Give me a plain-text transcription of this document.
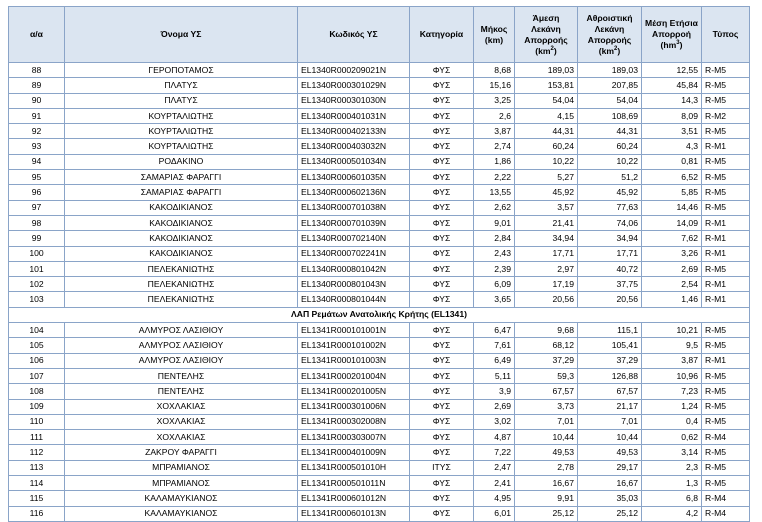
α/α	Όνομα ΥΣ	Κωδικός ΥΣ	Κατηγορία	Μήκος (km)	Άμεση Λεκάνη Απορροής $(km^2)$	Αθροιστική Λεκάνη Απορροής $(km^2)$	Μέση Ετήσια Απορροή $(hm^3)$	Τύπος
88	ΓΕΡΟΠΟΤΑΜΟΣ	EL1340R000209021N	ΦΥΣ	8,68	189,03	189,03	12,55	R-M5
89	ΠΛΑΤΥΣ	EL1340R000301029N	ΦΥΣ	15,16	153,81	207,85	45,84	R-M5
90	ΠΛΑΤΥΣ	EL1340R000301030N	ΦΥΣ	3,25	54,04	54,04	14,3	R-M5
91	ΚΟΥΡΤΑΛΙΩΤΗΣ	EL1340R000401031N	ΦΥΣ	2,6	4,15	108,69	8,09	R-M2
92	ΚΟΥΡΤΑΛΙΩΤΗΣ	EL1340R000402133N	ΦΥΣ	3,87	44,31	44,31	3,51	R-M5
93	ΚΟΥΡΤΑΛΙΩΤΗΣ	EL1340R000403032N	ΦΥΣ	2,74	60,24	60,24	4,3	R-M1
94	ΡΟΔΑΚΙΝΟ	EL1340R000501034N	ΦΥΣ	1,86	10,22	10,22	0,81	R-M5
95	ΣΑΜΑΡΙΑΣ ΦΑΡΑΓΓΙ	EL1340R000601035N	ΦΥΣ	2,22	5,27	51,2	6,52	R-M5
96	ΣΑΜΑΡΙΑΣ ΦΑΡΑΓΓΙ	EL1340R000602136N	ΦΥΣ	13,55	45,92	45,92	5,85	R-M5
97	ΚΑΚΟΔΙΚΙΑΝΟΣ	EL1340R000701038N	ΦΥΣ	2,62	3,57	77,63	14,46	R-M5
98	ΚΑΚΟΔΙΚΙΑΝΟΣ	EL1340R000701039N	ΦΥΣ	9,01	21,41	74,06	14,09	R-M1
99	ΚΑΚΟΔΙΚΙΑΝΟΣ	EL1340R000702140N	ΦΥΣ	2,84	34,94	34,94	7,62	R-M1
100	ΚΑΚΟΔΙΚΙΑΝΟΣ	EL1340R000702241N	ΦΥΣ	2,43	17,71	17,71	3,26	R-M1
101	ΠΕΛΕΚΑΝΙΩΤΗΣ	EL1340R000801042N	ΦΥΣ	2,39	2,97	40,72	2,69	R-M5
102	ΠΕΛΕΚΑΝΙΩΤΗΣ	EL1340R000801043N	ΦΥΣ	6,09	17,19	37,75	2,54	R-M1
103	ΠΕΛΕΚΑΝΙΩΤΗΣ	EL1340R000801044N	ΦΥΣ	3,65	20,56	20,56	1,46	R-M1
ΛΑΠ Ρεμάτων Ανατολικής Κρήτης (EL1341)								
104	ΑΛΜΥΡΟΣ ΛΑΣΙΘΙΟΥ	EL1341R000101001N	ΦΥΣ	6,47	9,68	115,1	10,21	R-M5
105	ΑΛΜΥΡΟΣ ΛΑΣΙΘΙΟΥ	EL1341R000101002N	ΦΥΣ	7,61	68,12	105,41	9,5	R-M5
106	ΑΛΜΥΡΟΣ ΛΑΣΙΘΙΟΥ	EL1341R000101003N	ΦΥΣ	6,49	37,29	37,29	3,87	R-M1
107	ΠΕΝΤΕΛΗΣ	EL1341R000201004N	ΦΥΣ	5,11	59,3	126,88	10,96	R-M5
108	ΠΕΝΤΕΛΗΣ	EL1341R000201005N	ΦΥΣ	3,9	67,57	67,57	7,23	R-M5
109	ΧΟΧΛΑΚΙΑΣ	EL1341R000301006N	ΦΥΣ	2,69	3,73	21,17	1,24	R-M5
110	ΧΟΧΛΑΚΙΑΣ	EL1341R000302008N	ΦΥΣ	3,02	7,01	7,01	0,4	R-M5
111	ΧΟΧΛΑΚΙΑΣ	EL1341R000303007N	ΦΥΣ	4,87	10,44	10,44	0,62	R-M4
112	ΖΑΚΡΟΥ ΦΑΡΑΓΓΙ	EL1341R000401009N	ΦΥΣ	7,22	49,53	49,53	3,14	R-M5
113	ΜΠΡΑΜΙΑΝΟΣ	EL1341R000501010H	ΙΤΥΣ	2,47	2,78	29,17	2,3	R-M5
114	ΜΠΡΑΜΙΑΝΟΣ	EL1341R000501011N	ΦΥΣ	2,41	16,67	16,67	1,3	R-M5
115	ΚΑΛΑΜΑΥΚΙΑΝΟΣ	EL1341R000601012N	ΦΥΣ	4,95	9,91	35,03	6,8	R-M4
116	ΚΑΛΑΜΑΥΚΙΑΝΟΣ	EL1341R000601013N	ΦΥΣ	6,01	25,12	25,12	4,2	R-M4
